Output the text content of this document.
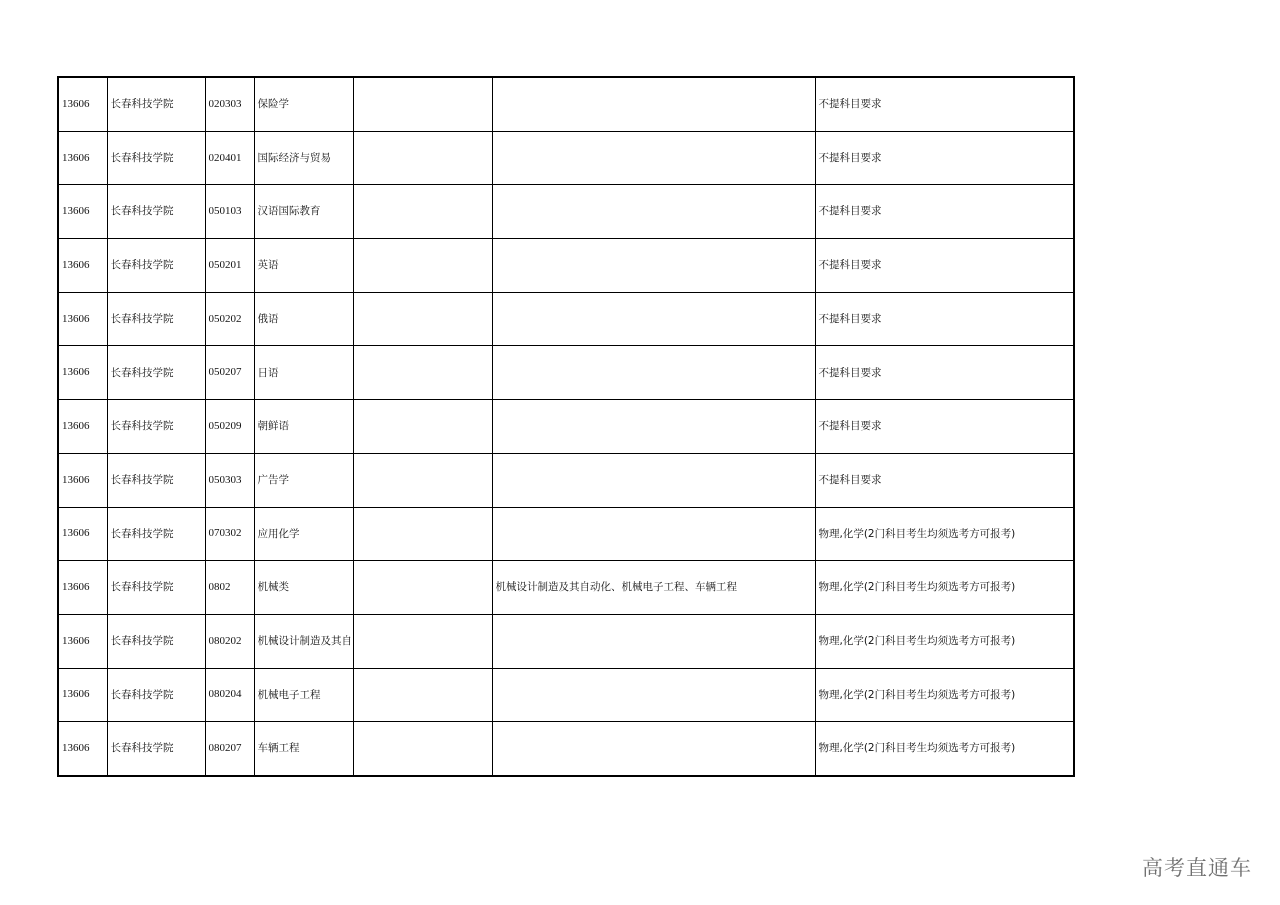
13606	长春科技学院	020303	保险学			不提科目要求
13606	长春科技学院	020401	国际经济与贸易			不提科目要求
13606	长春科技学院	050103	汉语国际教育			不提科目要求
13606	长春科技学院	050201	英语			不提科目要求
13606	长春科技学院	050202	俄语			不提科目要求
13606	长春科技学院	050207	日语			不提科目要求
13606	长春科技学院	050209	朝鲜语			不提科目要求
13606	长春科技学院	050303	广告学			不提科目要求
13606	长春科技学院	070302	应用化学			物理,化学(2门科目考生均须选考方可报考)
13606	长春科技学院	0802	机械类		机械设计制造及其自动化、机械电子工程、车辆工程	物理,化学(2门科目考生均须选考方可报考)
13606	长春科技学院	080202	机械设计制造及其自			物理,化学(2门科目考生均须选考方可报考)
13606	长春科技学院	080204	机械电子工程			物理,化学(2门科目考生均须选考方可报考)
13606	长春科技学院	080207	车辆工程			物理,化学(2门科目考生均须选考方可报考)
高考直通车
